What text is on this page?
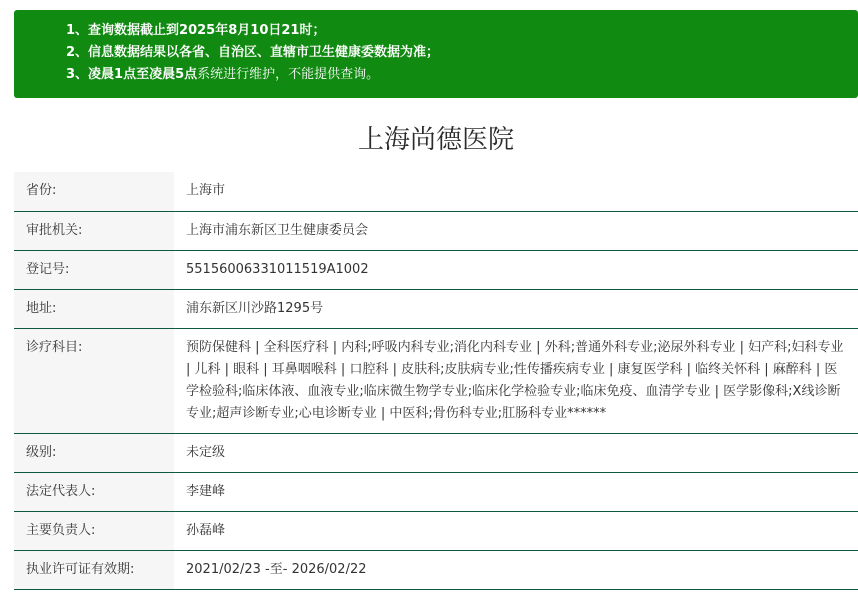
1、查询数据截止到2025年8月10日21时；
2、信息数据结果以各省、自治区、直辖市卫生健康委数据为准；
3、凌晨1点至凌晨5点系统进行维护，不能提供查询。
上海尚德医院
省份:	上海市
审批机关:	上海市浦东新区卫生健康委员会
登记号:	55156006331011519A1002
地址:	浦东新区川沙路1295号
诊疗科目:	预防保健科 | 全科医疗科 | 内科;呼吸内科专业;消化内科专业 | 外科;普通外科专业;泌尿外科专业 | 妇产科;妇科专业 | 儿科 | 眼科 | 耳鼻咽喉科 | 口腔科 | 皮肤科;皮肤病专业;性传播疾病专业 | 康复医学科 | 临终关怀科 | 麻醉科 | 医学检验科;临床体液、血液专业;临床微生物学专业;临床化学检验专业;临床免疫、血清学专业 | 医学影像科;X线诊断专业;超声诊断专业;心电诊断专业 | 中医科;骨伤科专业;肛肠科专业******
级别:	未定级
法定代表人:	李建峰
主要负责人:	孙磊峰
执业许可证有效期:	2021/02/23 -至- 2026/02/22
